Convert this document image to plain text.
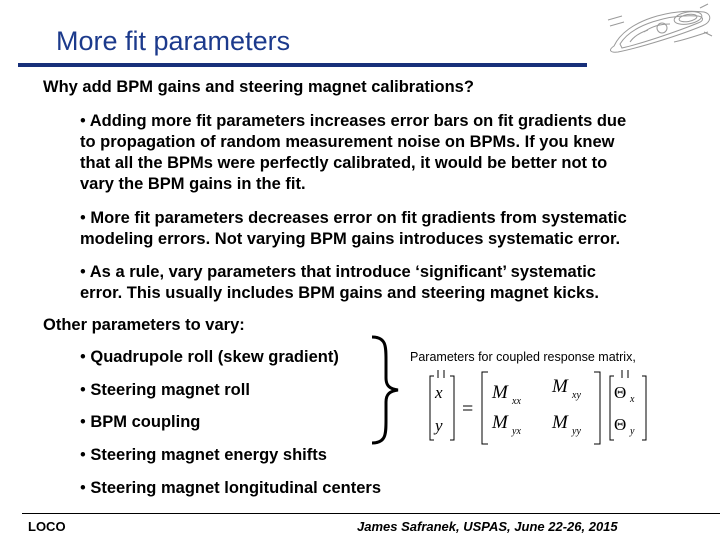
More fit parameters
Why add BPM gains and steering magnet calibrations?
• Adding more fit parameters increases error bars on fit gradients due
to propagation of random measurement noise on BPMs. If you knew
that all the BPMs were perfectly calibrated, it would be better not to
vary the BPM gains in the fit.
• More fit parameters decreases error on fit gradients from systematic
modeling errors. Not varying BPM gains introduces systematic error.
• As a rule, vary parameters that introduce ‘significant’ systematic
error. This usually includes BPM gains and steering magnet kicks.
Other parameters to vary:
• Quadrupole roll (skew gradient)
• Steering magnet roll
• BPM coupling
• Steering magnet energy shifts
• Steering magnet longitudinal centers
Parameters for coupled response matrix,
x
y
=
M xx
M xy
M yx M yy
Θ x
Θ y
LOCO	James Safranek, USPAS, June 22-26, 2015
